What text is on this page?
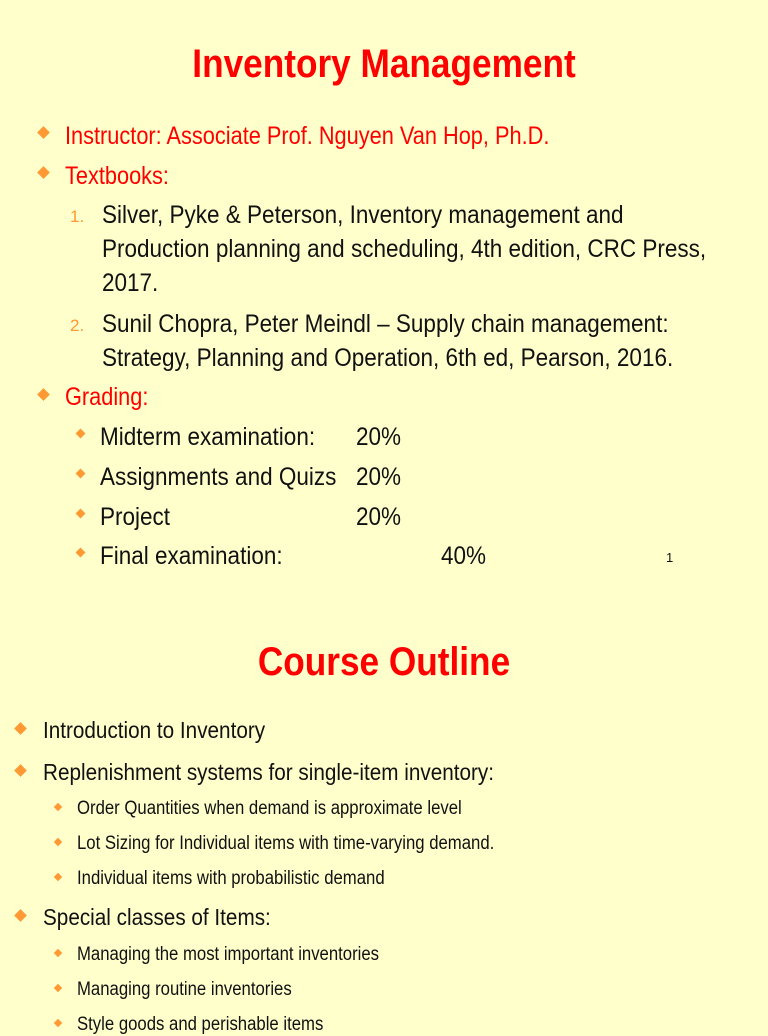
Inventory Management
Instructor: Associate Prof. Nguyen Van Hop, Ph.D.
Textbooks:
1. Silver, Pyke & Peterson, Inventory management and
Production planning and scheduling, 4th edition, CRC Press,
2017.
2. Sunil Chopra, Peter Meindl – Supply chain management:
Strategy, Planning and Operation, 6th ed, Pearson, 2016.
Grading:
Midterm examination: 20%
Assignments and Quizs 20%
Project	20%
Final examination:	40%	1
Course Outline
Introduction to Inventory
Replenishment systems for single-item inventory:
Order Quantities when demand is approximate level
Lot Sizing for Individual items with time-varying demand.
Individual items with probabilistic demand
Special classes of Items:
Managing the most important inventories
Managing routine inventories
Style goods and perishable items
